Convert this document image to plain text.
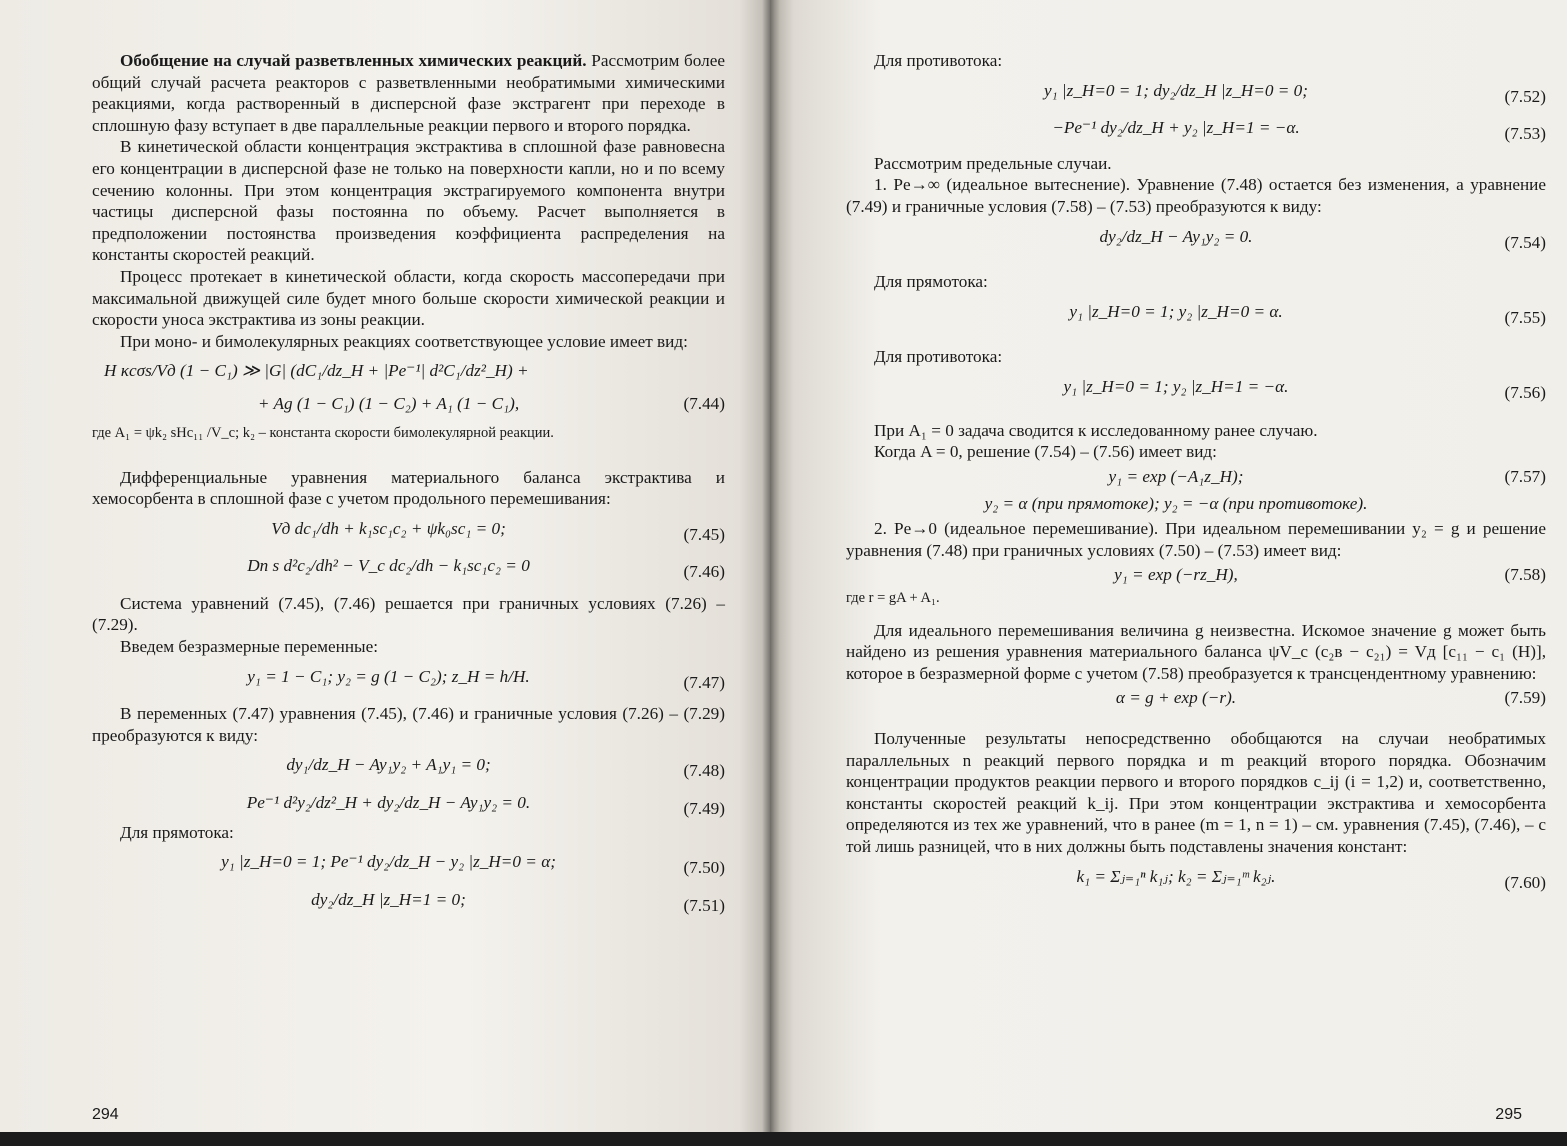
Обобщение на случай разветвленных химических реакций. Рассмотрим более общий случай расчета реакторов с разветвленными необратимыми химическими реакциями, когда растворенный в дисперсной фазе экстрагент при переходе в сплошную фазу вступает в две параллельные реакции первого и второго порядка.

В кинетической области концентрация экстрактива в сплошной фазе равновесна его концентрации в дисперсной фазе не только на поверхности капли, но и по всему сечению колонны. При этом концентрация экстрагируемого компонента внутри частицы дисперсной фазы постоянна по объему. Расчет выполняется в предположении постоянства произведения коэффициента распределения на константы скоростей реакций.

Процесс протекает в кинетической области, когда скорость массопередачи при максимальной движущей силе будет много больше скорости химической реакции и скорости уноса экстрактива из зоны реакции.

При моно- и бимолекулярных реакциях соответствующее условие имеет вид:

H κcσs/Vд (1 − C₁) ≫ |G| (dC₁/dz_H + |Pe⁻¹| d²C₁/dz²_H) +
+ Ag (1 − C₁) (1 − C₂) + A₁ (1 − C₁),	(7.44)

где A₁ = ψk₂ sHc₁₁ /V_c; k₂ – константа скорости бимолекулярной реакции.

Дифференциальные уравнения материального баланса экстрактива и хемосорбента в сплошной фазе с учетом продольного перемешивания:

Vд dc₁/dh + k₁sc₁c₂ + ψk₀sc₁ = 0;	(7.45)
Dп s d²c₂/dh² − V_c dc₂/dh − k₁sc₁c₂ = 0	(7.46)

Система уравнений (7.45), (7.46) решается при граничных условиях (7.26) – (7.29).

Введем безразмерные переменные:

y₁ = 1 − C₁; y₂ = g (1 − C₂); z_H = h/H.	(7.47)

В переменных (7.47) уравнения (7.45), (7.46) и граничные условия (7.26) – (7.29) преобразуются к виду:

dy₁/dz_H − Ay₁y₂ + A₁y₁ = 0;	(7.48)
Pe⁻¹ d²y₂/dz²_H + dy₂/dz_H − Ay₁y₂ = 0.	(7.49)

Для прямотока:

y₁ |z_H=0 = 1; Pe⁻¹ dy₂/dz_H − y₂ |z_H=0 = α;	(7.50)
dy₂/dz_H |z_H=1 = 0;	(7.51)
294

Для противотока:

y₁ |z_H=0 = 1; dy₂/dz_H |z_H=0 = 0;	(7.52)
−Pe⁻¹ dy₂/dz_H + y₂ |z_H=1 = −α.	(7.53)

Рассмотрим предельные случаи.

1. Pe→∞ (идеальное вытеснение). Уравнение (7.48) остается без изменения, а уравнение (7.49) и граничные условия (7.58) – (7.53) преобразуются к виду:

dy₂/dz_H − Ay₁y₂ = 0.	(7.54)

Для прямотока:

y₁ |z_H=0 = 1; y₂ |z_H=0 = α.	(7.55)

Для противотока:

y₁ |z_H=0 = 1; y₂ |z_H=1 = −α.	(7.56)

При A₁ = 0 задача сводится к исследованному ранее случаю.

Когда A = 0, решение (7.54) – (7.56) имеет вид:

y₁ = exp (−A₁z_H);	(7.57)
y₂ = α (при прямотоке); y₂ = −α (при противотоке).

2. Pe→0 (идеальное перемешивание). При идеальном перемешивании y₂ = g и решение уравнения (7.48) при граничных условиях (7.50) – (7.53) имеет вид:

y₁ = exp (−rz_H),	(7.58)

где r = gA + A₁.

Для идеального перемешивания величина g неизвестна. Искомое значение g может быть найдено из решения уравнения материального баланса ψV_c (c₂в − c₂₁) = Vд [c₁₁ − c₁ (H)], которое в безразмерной форме с учетом (7.58) преобразуется к трансцендентному уравнению:

α = g + exp (−r).	(7.59)

Полученные результаты непосредственно обобщаются на случаи необратимых параллельных n реакций первого порядка и m реакций второго порядка. Обозначим концентрации продуктов реакции первого и второго порядков c_ij (i = 1,2) и, соответственно, константы скоростей реакций k_ij. При этом концентрации экстрактива и хемосорбента определяются из тех же уравнений, что в ранее (m = 1, n = 1) – см. уравнения (7.45), (7.46), – с той лишь разницей, что в них должны быть подставлены значения констант:

k₁ = Σⱼ₌₁ⁿ k₁ⱼ; k₂ = Σⱼ₌₁ᵐ k₂ⱼ.	(7.60)
295
